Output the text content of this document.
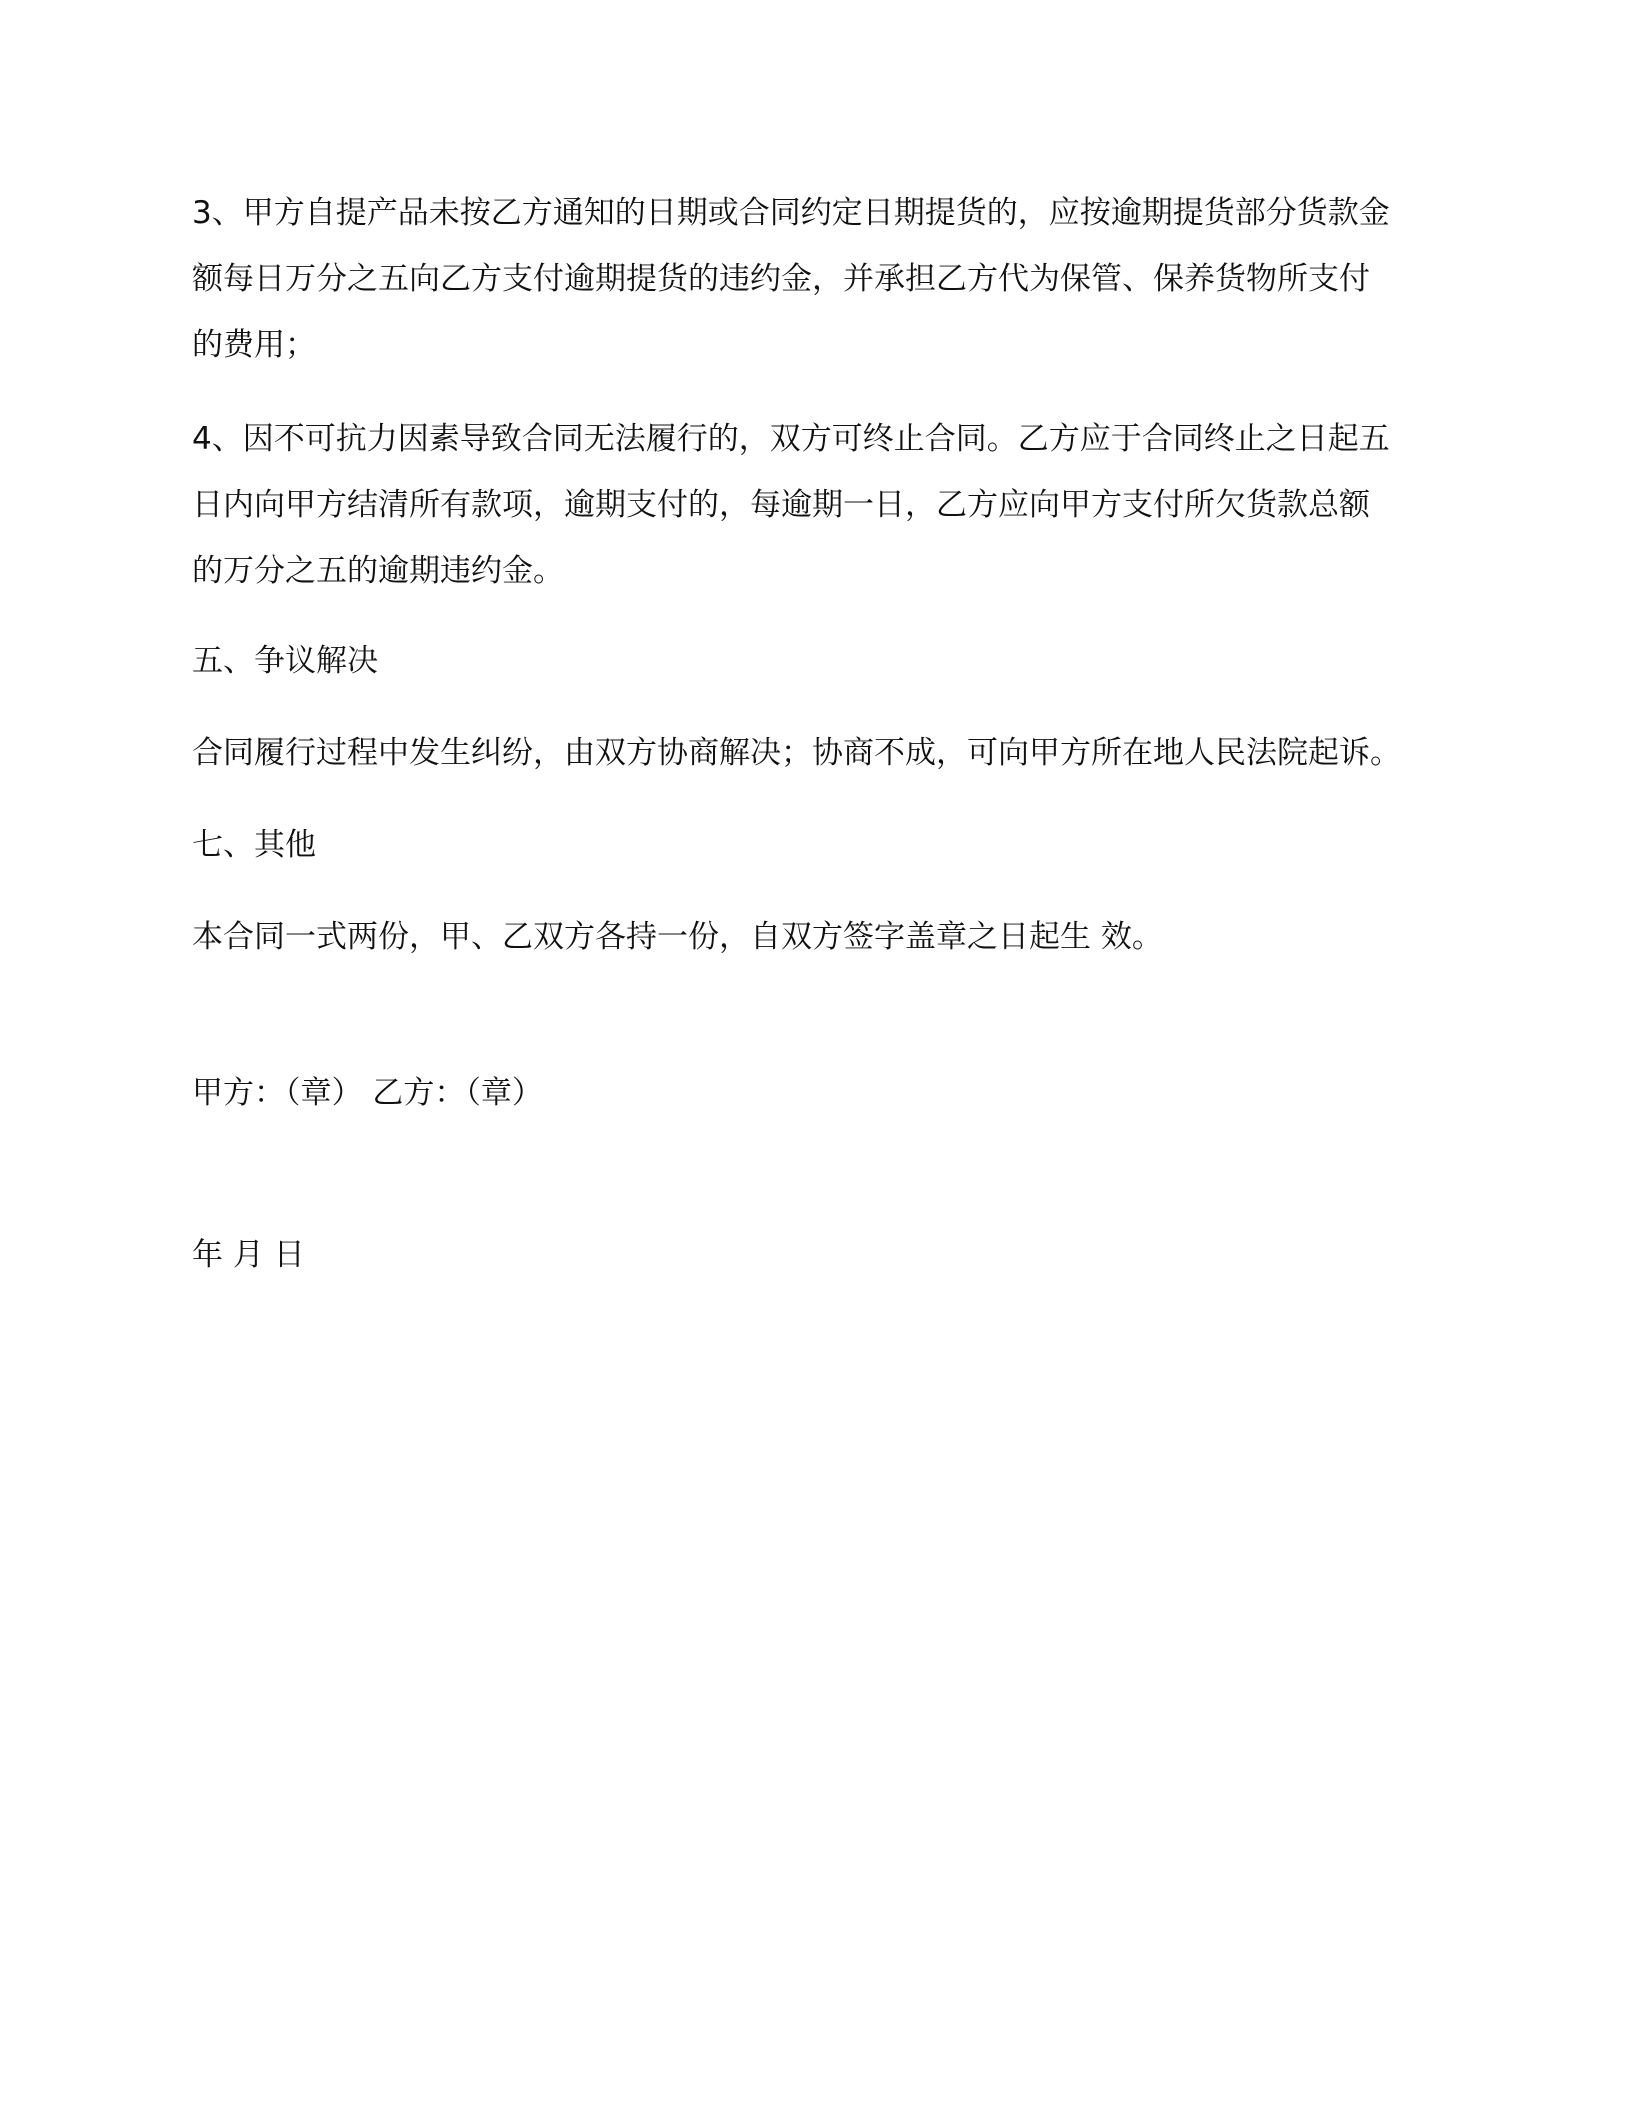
3、甲方自提产品未按乙方通知的日期或合同约定日期提货的，应按逾期提货部分货款金
额每日万分之五向乙方支付逾期提货的违约金，并承担乙方代为保管、保养货物所支付
的费用；
4、因不可抗力因素导致合同无法履行的，双方可终止合同。乙方应于合同终止之日起五
日内向甲方结清所有款项，逾期支付的，每逾期一日，乙方应向甲方支付所欠货款总额
的万分之五的逾期违约金。
五、争议解决
合同履行过程中发生纠纷，由双方协商解决；协商不成，可向甲方所在地人民法院起诉。
七、其他
本合同一式两份，甲、乙双方各持一份，自双方签字盖章之日起生 效。
甲方：（章） 乙方：（章）
年 月 日
